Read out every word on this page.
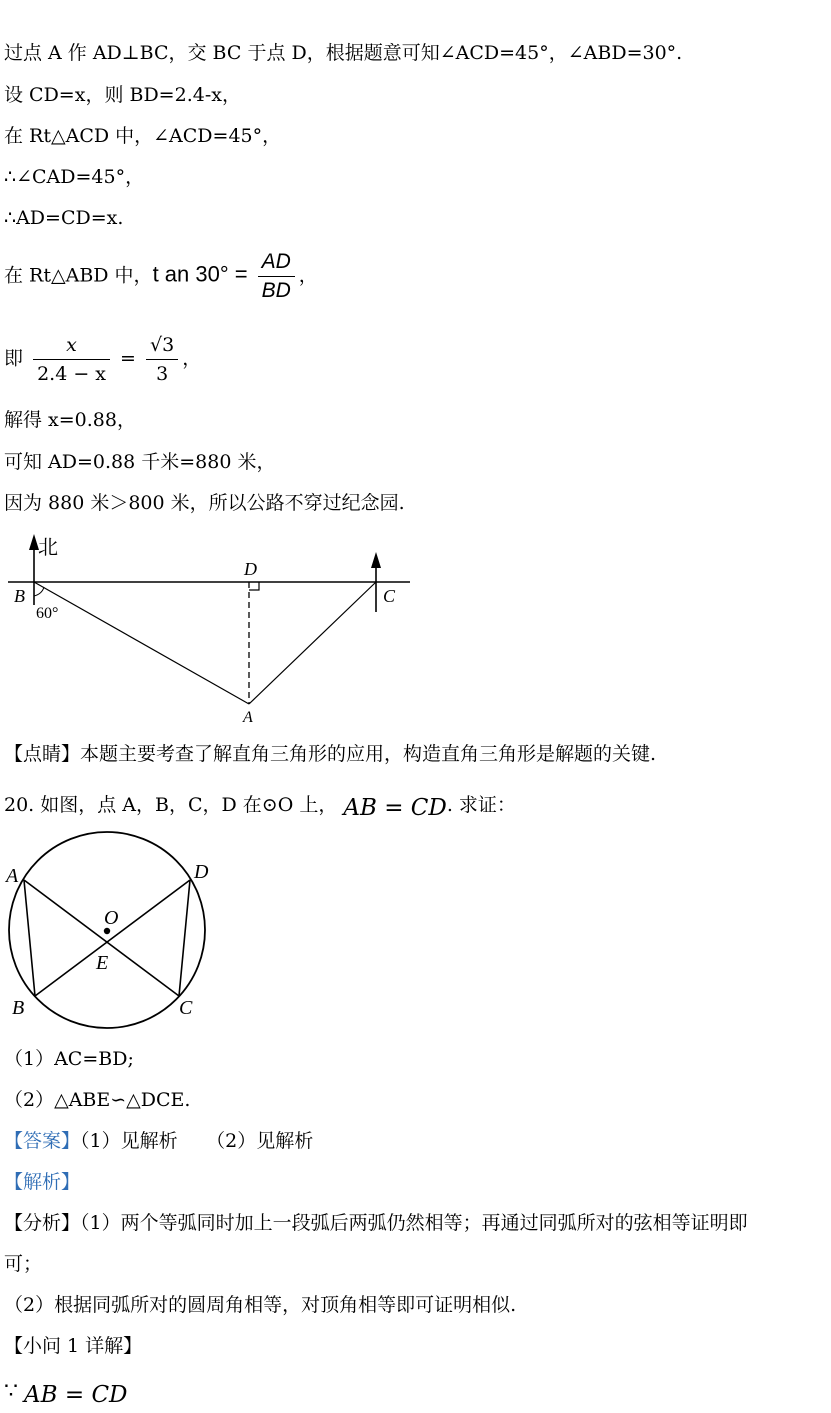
过点 A 作 AD⊥BC，交 BC 于点 D，根据题意可知∠ACD=45°，∠ABD=30°.
设 CD=x，则 BD=2.4-x，
在 Rt△ACD 中，∠ACD=45°，
∴∠CAD=45°，
∴AD=CD=x.
在 Rt△ABD 中，t an $30^\circ = \frac{AD}{BD}$ ，
即 $\frac{x}{2.4 - x} = \frac{√3}{3}$ ，
解得 x=0.88，
可知 AD=0.88 千米=880 米，
因为 880 米＞800 米，所以公路不穿过纪念园.
北
B
60°
D
C
A
【点睛】本题主要考查了解直角三角形的应用，构造直角三角形是解题的关键.
20. 如图，点 A，B，C，D 在⊙O 上， AB = CD. 求证：
A	D
O
E
B	C
（1）AC=BD;
（2）△ABE∽△DCE.
【答案】（1）见解析　　（2）见解析
【解析】
【分析】（1）两个等弧同时加上一段弧后两弧仍然相等；再通过同弧所对的弦相等证明即
可；
（2）根据同弧所对的圆周角相等，对顶角相等即可证明相似.
【小问 1 详解】
∵ AB = CD
